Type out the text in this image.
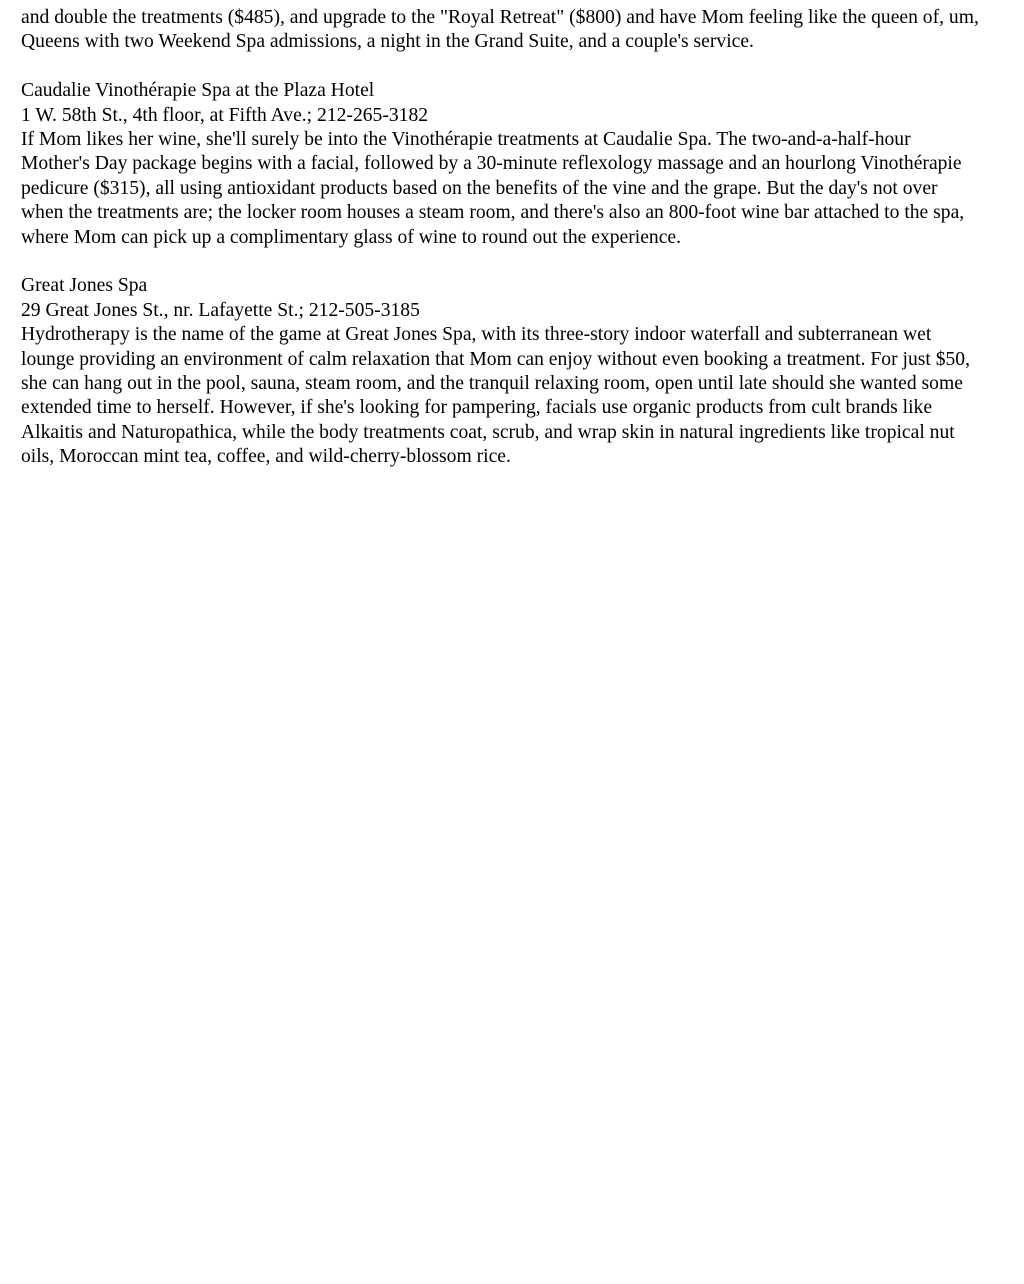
and double the treatments ($485), and upgrade to the "Royal Retreat" ($800) and have Mom feeling like the queen of, um, Queens with two Weekend Spa admissions, a night in the Grand Suite, and a couple's service.

Caudalie Vinothérapie Spa at the Plaza Hotel
1 W. 58th St., 4th floor, at Fifth Ave.; 212-265-3182

If Mom likes her wine, she'll surely be into the Vinothérapie treatments at Caudalie Spa. The two-and-a-half-hour Mother's Day package begins with a facial, followed by a 30-minute reflexology massage and an hourlong Vinothérapie pedicure ($315), all using antioxidant products based on the benefits of the vine and the grape. But the day's not over when the treatments are; the locker room houses a steam room, and there's also an 800-foot wine bar attached to the spa, where Mom can pick up a complimentary glass of wine to round out the experience.

Great Jones Spa
29 Great Jones St., nr. Lafayette St.; 212-505-3185

Hydrotherapy is the name of the game at Great Jones Spa, with its three-story indoor waterfall and subterranean wet lounge providing an environment of calm relaxation that Mom can enjoy without even booking a treatment. For just $50, she can hang out in the pool, sauna, steam room, and the tranquil relaxing room, open until late should she wanted some extended time to herself. However, if she's looking for pampering, facials use organic products from cult brands like Alkaitis and Naturopathica, while the body treatments coat, scrub, and wrap skin in natural ingredients like tropical nut oils, Moroccan mint tea, coffee, and wild-cherry-blossom rice.
